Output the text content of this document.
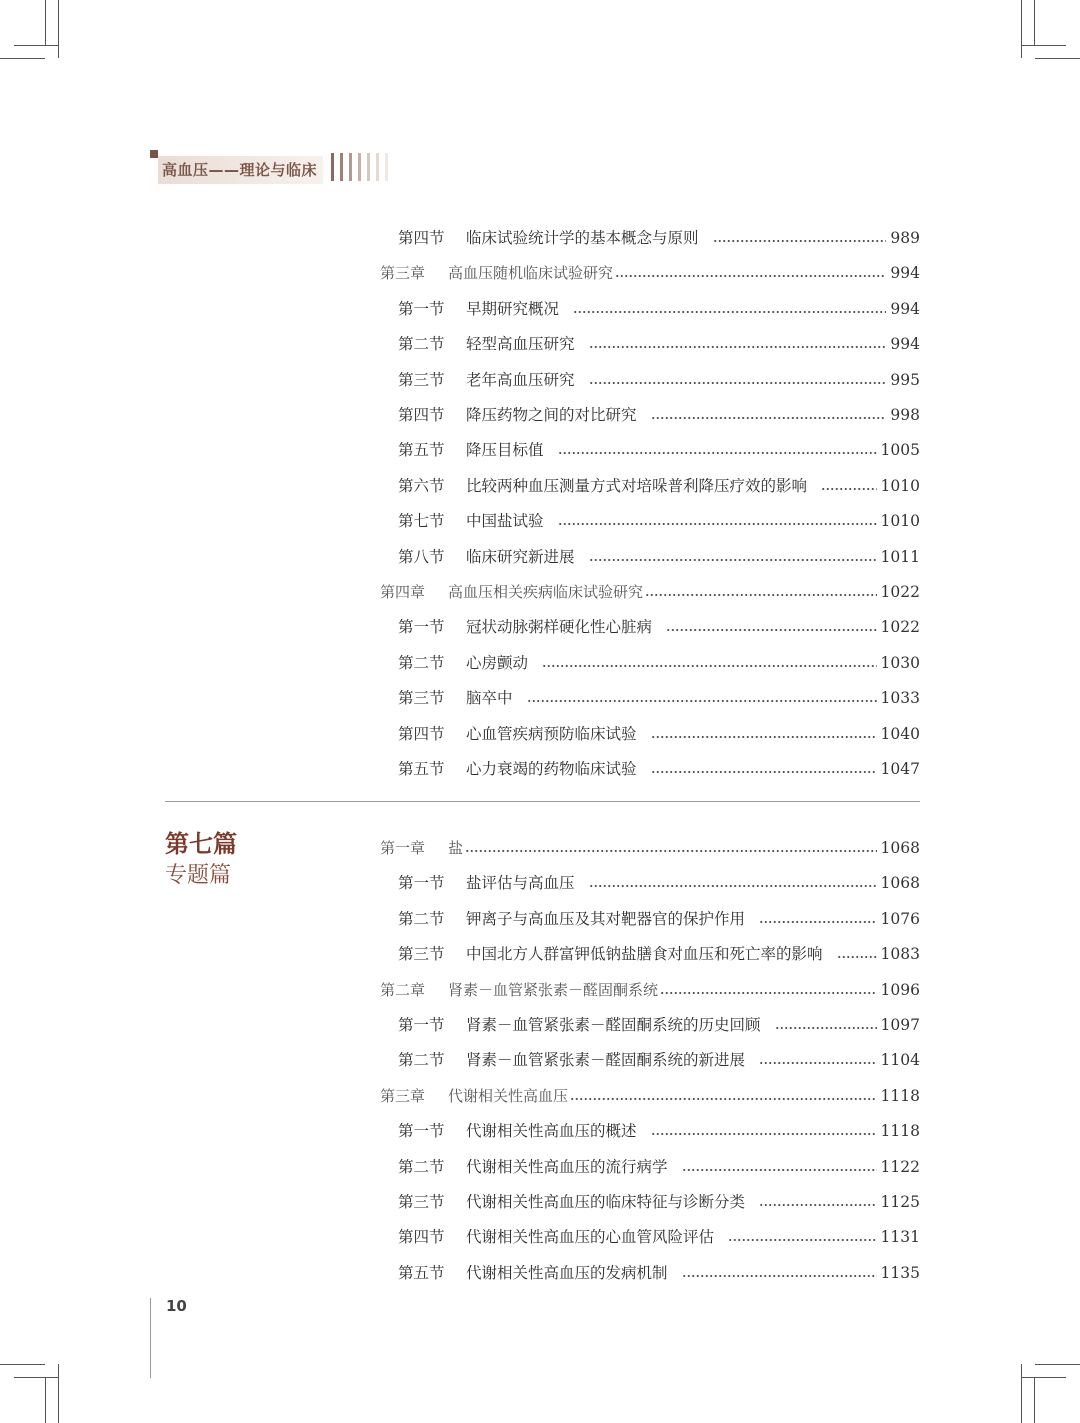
高血压——理论与临床
第四节 临床试验统计学的基本概念与原则	989
第三章 高血压随机临床试验研究	994
第一节 早期研究概况	994
第二节 轻型高血压研究	994
第三节 老年高血压研究	995
第四节 降压药物之间的对比研究	998
第五节 降压目标值	1005
第六节 比较两种血压测量方式对培哚普利降压疗效的影响	1010
第七节 中国盐试验	1010
第八节 临床研究新进展	1011
第四章 高血压相关疾病临床试验研究	1022
第一节 冠状动脉粥样硬化性心脏病	1022
第二节 心房颤动	1030
第三节 脑卒中	1033
第四节 心血管疾病预防临床试验	1040
第五节 心力衰竭的药物临床试验	1047
第七篇
专题篇
第一章 盐	1068
第一节 盐评估与高血压	1068
第二节 钾离子与高血压及其对靶器官的保护作用	1076
第三节 中国北方人群富钾低钠盐膳食对血压和死亡率的影响	1083
第二章 肾素－血管紧张素－醛固酮系统	1096
第一节 肾素－血管紧张素－醛固酮系统的历史回顾	1097
第二节 肾素－血管紧张素－醛固酮系统的新进展	1104
第三章 代谢相关性高血压	1118
第一节 代谢相关性高血压的概述	1118
第二节 代谢相关性高血压的流行病学	1122
第三节 代谢相关性高血压的临床特征与诊断分类	1125
第四节 代谢相关性高血压的心血管风险评估	1131
第五节 代谢相关性高血压的发病机制	1135
10
